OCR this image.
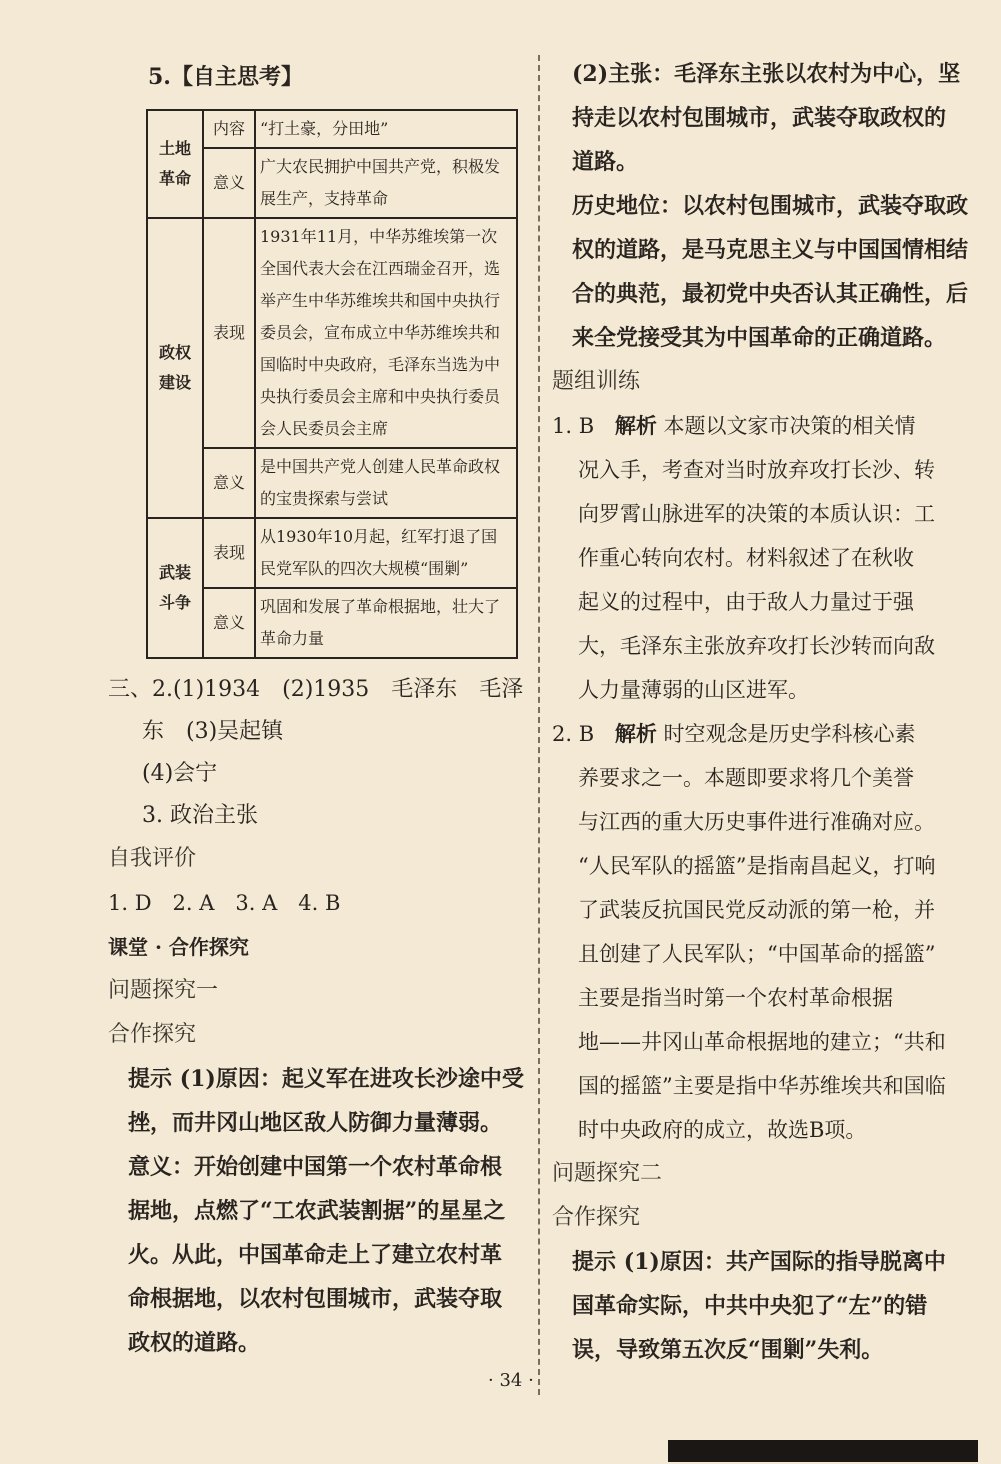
5.【自主思考】
土地革命	内容	“打土豪，分田地”
	意义	广大农民拥护中国共产党，积极发展生产，支持革命
政权建设	表现	1931年11月，中华苏维埃第一次全国代表大会在江西瑞金召开，选举产生中华苏维埃共和国中央执行委员会，宣布成立中华苏维埃共和国临时中央政府，毛泽东当选为中央执行委员会主席和中央执行委员会人民委员会主席
	意义	是中国共产党人创建人民革命政权的宝贵探索与尝试
武装斗争	表现	从1930年10月起，红军打退了国民党军队的四次大规模“围剿”
	意义	巩固和发展了革命根据地，壮大了革命力量

三、2.(1)1934　(2)1935　毛泽东　毛泽

东　(3)吴起镇

(4)会宁

3. 政治主张

自我评价
1. D　2. A　3. A　4. B
课堂 · 合作探究
问题探究一
合作探究
提示 (1)原因：起义军在进攻长沙途中受
挫，而井冈山地区敌人防御力量薄弱。
意义：开始创建中国第一个农村革命根
据地，点燃了“工农武装割据”的星星之
火。从此，中国革命走上了建立农村革
命根据地，以农村包围城市，武装夺取
政权的道路。
(2)主张：毛泽东主张以农村为中心，坚
持走以农村包围城市，武装夺取政权的
道路。
历史地位：以农村包围城市，武装夺取政
权的道路，是马克思主义与中国国情相结
合的典范，最初党中央否认其正确性，后
来全党接受其为中国革命的正确道路。
题组训练
1. B 解析 本题以文家市决策的相关情
况入手，考查对当时放弃攻打长沙、转
向罗霄山脉进军的决策的本质认识：工
作重心转向农村。材料叙述了在秋收
起义的过程中，由于敌人力量过于强
大，毛泽东主张放弃攻打长沙转而向敌
人力量薄弱的山区进军。
2. B 解析 时空观念是历史学科核心素
养要求之一。本题即要求将几个美誉
与江西的重大历史事件进行准确对应。
“人民军队的摇篮”是指南昌起义，打响
了武装反抗国民党反动派的第一枪，并
且创建了人民军队；“中国革命的摇篮”
主要是指当时第一个农村革命根据
地——井冈山革命根据地的建立；“共和
国的摇篮”主要是指中华苏维埃共和国临
时中央政府的成立，故选B项。
问题探究二
合作探究
提示 (1)原因：共产国际的指导脱离中
国革命实际，中共中央犯了“左”的错
误，导致第五次反“围剿”失利。
· 34 ·
